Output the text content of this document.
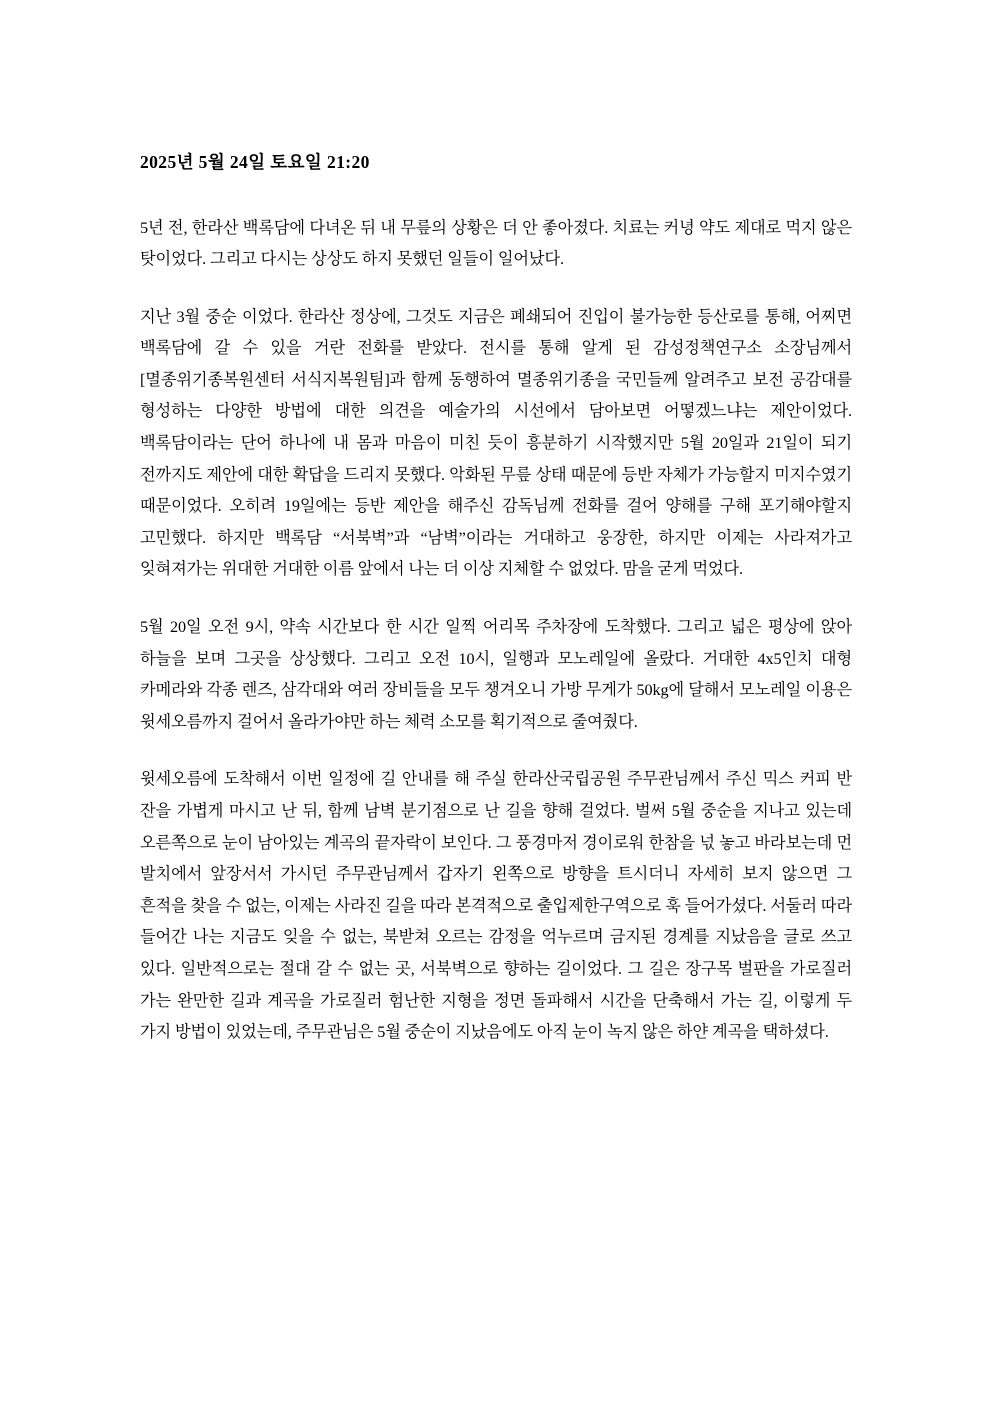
2025년 5월 24일 토요일 21:20

5년 전, 한라산 백록담에 다녀온 뒤 내 무릎의 상황은 더 안 좋아졌다. 치료는 커녕 약도 제대로 먹지 않은 탓이었다. 그리고 다시는 상상도 하지 못했던 일들이 일어났다.

지난 3월 중순 이었다. 한라산 정상에, 그것도 지금은 폐쇄되어 진입이 불가능한 등산로를 통해, 어찌면 백록담에 갈 수 있을 거란 전화를 받았다. 전시를 통해 알게 된 감성정책연구소 소장님께서 [멸종위기종복원센터 서식지복원팀]과 함께 동행하여 멸종위기종을 국민들께 알려주고 보전 공감대를 형성하는 다양한 방법에 대한 의견을 예술가의 시선에서 담아보면 어떻겠느냐는 제안이었다. 백록담이라는 단어 하나에 내 몸과 마음이 미친 듯이 흥분하기 시작했지만 5월 20일과 21일이 되기 전까지도 제안에 대한 확답을 드리지 못했다. 악화된 무릎 상태 때문에 등반 자체가 가능할지 미지수였기 때문이었다. 오히려 19일에는 등반 제안을 해주신 감독님께 전화를 걸어 양해를 구해 포기해야할지 고민했다. 하지만 백록담 “서북벽”과 “남벽”이라는 거대하고 웅장한, 하지만 이제는 사라져가고 잊혀져가는 위대한 거대한 이름 앞에서 나는 더 이상 지체할 수 없었다. 맘을 굳게 먹었다.

5월 20일 오전 9시, 약속 시간보다 한 시간 일찍 어리목 주차장에 도착했다. 그리고 넓은 평상에 앉아 하늘을 보며 그곳을 상상했다. 그리고 오전 10시, 일행과 모노레일에 올랐다. 거대한 4x5인치 대형 카메라와 각종 렌즈, 삼각대와 여러 장비들을 모두 챙겨오니 가방 무게가 50kg에 달해서 모노레일 이용은 윗세오름까지 걸어서 올라가야만 하는 체력 소모를 획기적으로 줄여줬다.

윗세오름에 도착해서 이번 일정에 길 안내를 해 주실 한라산국립공원 주무관님께서 주신 믹스 커피 반 잔을 가볍게 마시고 난 뒤, 함께 남벽 분기점으로 난 길을 향해 걸었다. 벌써 5월 중순을 지나고 있는데 오른쪽으로 눈이 남아있는 계곡의 끝자락이 보인다. 그 풍경마저 경이로워 한참을 넋 놓고 바라보는데 먼 발치에서 앞장서서 가시던 주무관님께서 갑자기 왼쪽으로 방향을 트시더니 자세히 보지 않으면 그 흔적을 찾을 수 없는, 이제는 사라진 길을 따라 본격적으로 출입제한구역으로 훅 들어가셨다. 서둘러 따라 들어간 나는 지금도 잊을 수 없는, 북받쳐 오르는 감정을 억누르며 금지된 경계를 지났음을 글로 쓰고 있다. 일반적으로는 절대 갈 수 없는 곳, 서북벽으로 향하는 길이었다. 그 길은 장구목 벌판을 가로질러 가는 완만한 길과 계곡을 가로질러 험난한 지형을 정면 돌파해서 시간을 단축해서 가는 길, 이렇게 두 가지 방법이 있었는데, 주무관님은 5월 중순이 지났음에도 아직 눈이 녹지 않은 하얀 계곡을 택하셨다.
